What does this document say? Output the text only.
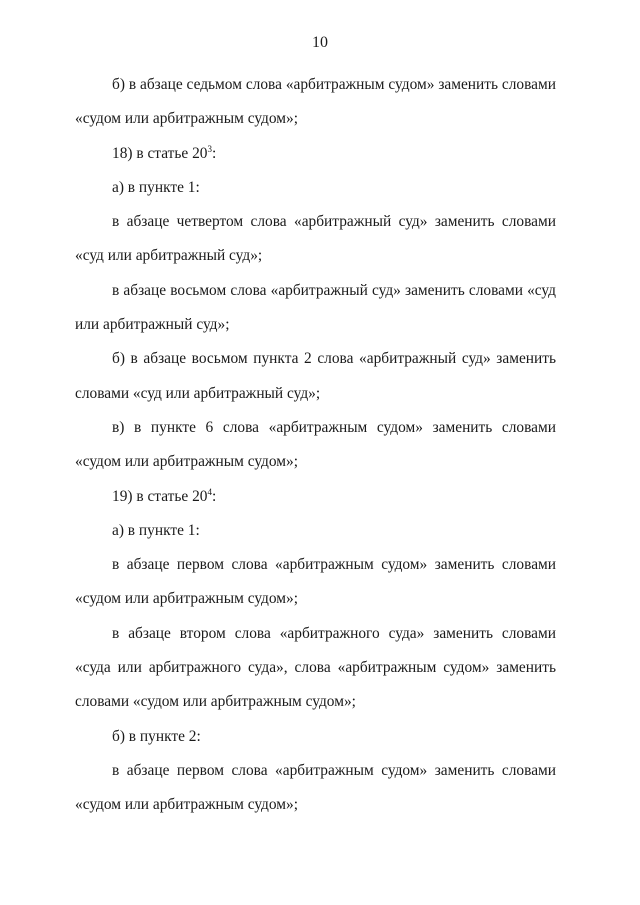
10

б) в абзаце седьмом слова «арбитражным судом» заменить словами «судом или арбитражным судом»;

18) в статье $20^3$:

а) в пункте 1:

в абзаце четвертом слова «арбитражный суд» заменить словами «суд или арбитражный суд»;

в абзаце восьмом слова «арбитражный суд» заменить словами «суд или арбитражный суд»;

б) в абзаце восьмом пункта 2 слова «арбитражный суд» заменить словами «суд или арбитражный суд»;

в) в пункте 6 слова «арбитражным судом» заменить словами «судом или арбитражным судом»;

19) в статье $20^4$:

а) в пункте 1:

в абзаце первом слова «арбитражным судом» заменить словами «судом или арбитражным судом»;

в абзаце втором слова «арбитражного суда» заменить словами «суда или арбитражного суда», слова «арбитражным судом» заменить словами «судом или арбитражным судом»;

б) в пункте 2:

в абзаце первом слова «арбитражным судом» заменить словами «судом или арбитражным судом»;
